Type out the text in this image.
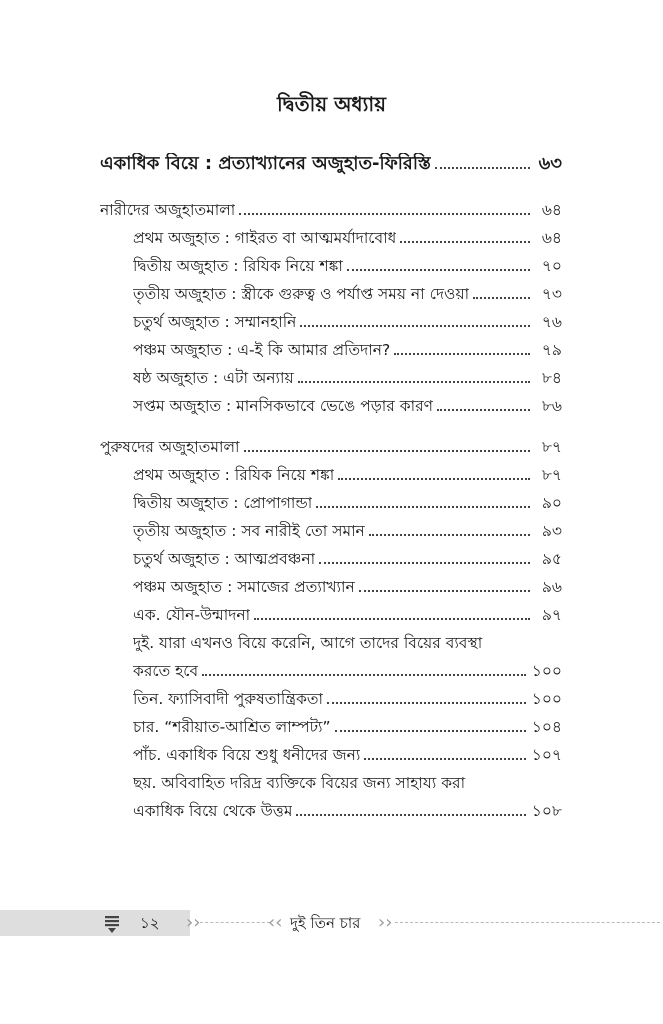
দ্বিতীয় অধ্যায়
একাধিক বিয়ে : প্রত্যাখ্যানের অজুহাত-ফিরিস্তি	৬৩
নারীদের অজুহাতমালা	৬৪
প্রথম অজুহাত : গাইরত বা আত্মমর্যাদাবোধ	৬৪
দ্বিতীয় অজুহাত : রিযিক নিয়ে শঙ্কা	৭০
তৃতীয় অজুহাত : স্ত্রীকে গুরুত্ব ও পর্যাপ্ত সময় না দেওয়া	৭৩
চতুর্থ অজুহাত : সম্মানহানি	৭৬
পঞ্চম অজুহাত : এ-ই কি আমার প্রতিদান?	৭৯
ষষ্ঠ অজুহাত : এটা অন্যায়	৮৪
সপ্তম অজুহাত : মানসিকভাবে ভেঙে পড়ার কারণ	৮৬
পুরুষদের অজুহাতমালা	৮৭
প্রথম অজুহাত : রিযিক নিয়ে শঙ্কা	৮৭
দ্বিতীয় অজুহাত : প্রোপাগান্ডা	৯০
তৃতীয় অজুহাত : সব নারীই তো সমান	৯৩
চতুর্থ অজুহাত : আত্মপ্রবঞ্চনা	৯৫
পঞ্চম অজুহাত : সমাজের প্রত্যাখ্যান	৯৬
এক. যৌন-উন্মাদনা	৯৭
দুই. যারা এখনও বিয়ে করেনি, আগে তাদের বিয়ের ব্যবস্থা
করতে হবে	১০০
তিন. ফ্যাসিবাদী পুরুষতান্ত্রিকতা	১০০
চার. “শরীয়াত-আশ্রিত লাম্পট্য”	১০৪
পাঁচ. একাধিক বিয়ে শুধু ধনীদের জন্য	১০৭
ছয়. অবিবাহিত দরিদ্র ব্যক্তিকে বিয়ের জন্য সাহায্য করা
একাধিক বিয়ে থেকে উত্তম	১০৮
››	‹‹	››
১২	দুই তিন চার
